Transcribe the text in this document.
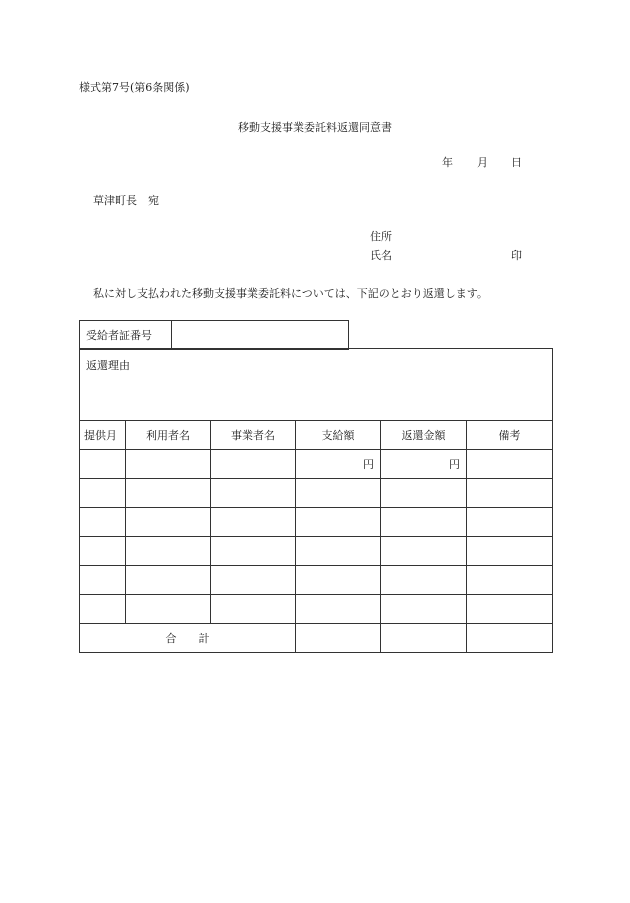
様式第7号(第6条関係)
移動支援事業委託料返還同意書
年 月 日
草津町長　宛
住所
氏名	印
私に対し支払われた移動支援事業委託料については、下記のとおり返還します。
受給者証番号	
返還理由					
提供月	利用者名	事業者名	支給額	返還金額	備考
			円	円	

合　　計					
